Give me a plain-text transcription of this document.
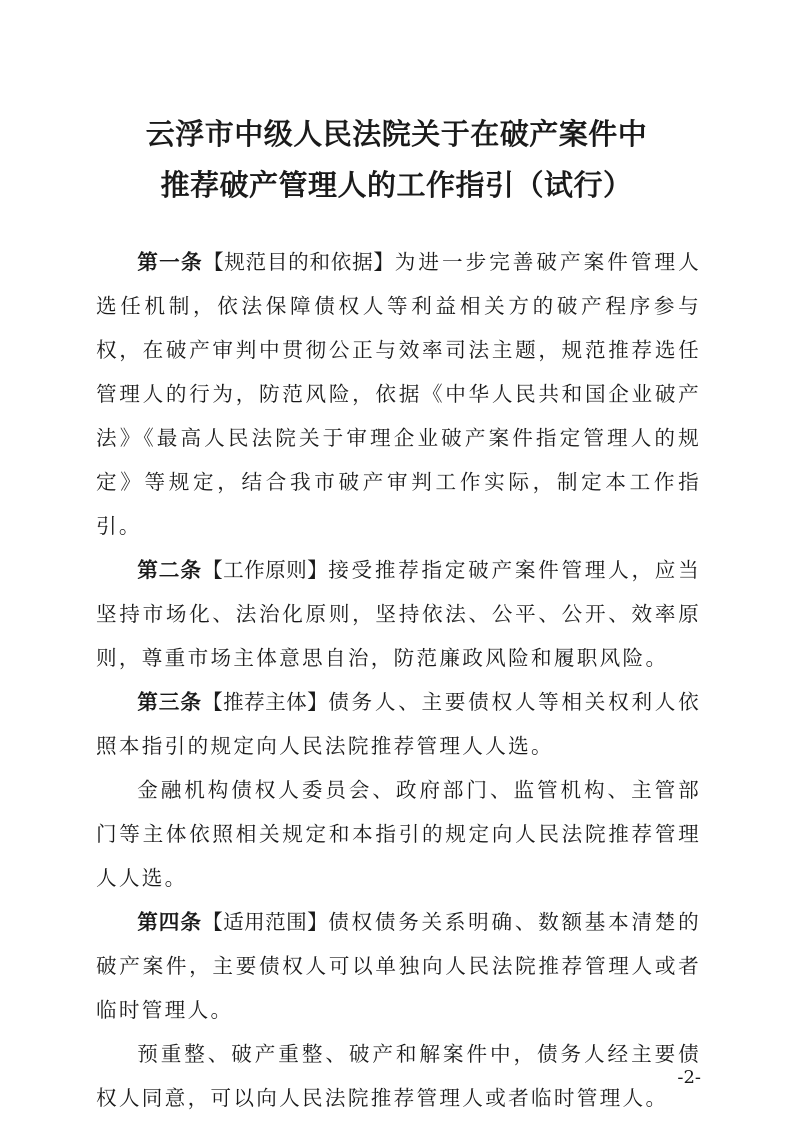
云浮市中级人民法院关于在破产案件中
推荐破产管理人的工作指引（试行）

第一条【规范目的和依据】为进一步完善破产案件管理人选任机制，依法保障债权人等利益相关方的破产程序参与权，在破产审判中贯彻公正与效率司法主题，规范推荐选任管理人的行为，防范风险，依据《中华人民共和国企业破产法》《最高人民法院关于审理企业破产案件指定管理人的规定》等规定，结合我市破产审判工作实际，制定本工作指引。

第二条【工作原则】接受推荐指定破产案件管理人，应当坚持市场化、法治化原则，坚持依法、公平、公开、效率原则，尊重市场主体意思自治，防范廉政风险和履职风险。

第三条【推荐主体】债务人、主要债权人等相关权利人依照本指引的规定向人民法院推荐管理人人选。

金融机构债权人委员会、政府部门、监管机构、主管部门等主体依照相关规定和本指引的规定向人民法院推荐管理人人选。

第四条【适用范围】债权债务关系明确、数额基本清楚的破产案件，主要债权人可以单独向人民法院推荐管理人或者临时管理人。

预重整、破产重整、破产和解案件中，债务人经主要债权人同意，可以向人民法院推荐管理人或者临时管理人。

-2-
